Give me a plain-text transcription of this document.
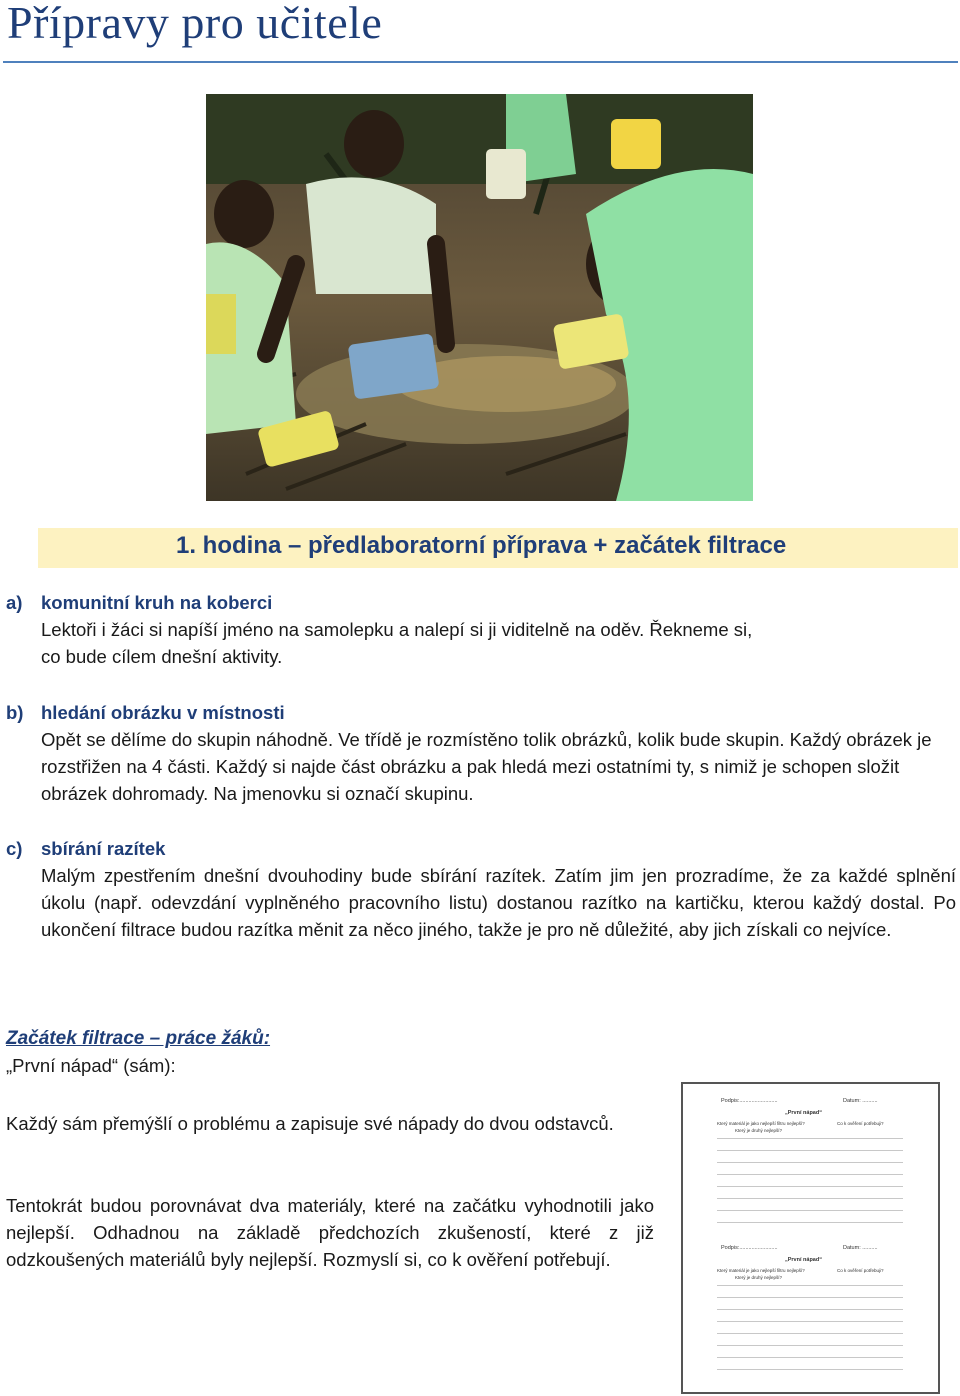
Přípravy pro učitele
1. hodina – předlaboratorní příprava + začátek filtrace
a)	komunitní kruh na koberci
Lektoři i žáci si napíší jméno na samolepku a nalepí si ji viditelně na oděv. Řekneme si, co bude cílem dnešní aktivity.
b) hledání obrázku v místnosti
Opět se dělíme do skupin náhodně. Ve třídě je rozmístěno tolik obrázků, kolik bude skupin. Každý obrázek je rozstřižen na 4 části. Každý si najde část obrázku a pak hledá mezi ostatními ty, s nimiž je schopen složit obrázek dohromady. Na jmenovku si označí skupinu.
c)	sbírání razítek
Malým zpestřením dnešní dvouhodiny bude sbírání razítek. Zatím jim jen prozradíme, že za každé splnění úkolu (např. odevzdání vyplněného pracovního listu) dostanou razítko na kartičku, kterou každý dostal. Po ukončení filtrace budou razítka měnit za něco jiného, takže je pro ně důležité, aby jich získali co nejvíce.
Začátek filtrace – práce žáků:
„První nápad“ (sám):
Každý sám přemýšlí o problému a zapisuje své nápady do dvou odstavců.
Tentokrát budou porovnávat dva materiály, které na začátku vyhodnotili jako nejlepší. Odhadnou na základě předchozích zkušeností, které z již odzkoušených materiálů byly nejlepší. Rozmyslí si, co k ověření potřebují.
Podpis:.........................	Datum: ..........
„První nápad“
Který materiál je jako nejlepší filtru nejlepší?
Který je druhý nejlepší?
Co k ověření potřebuji?
Podpis:.........................	Datum: ..........
„První nápad“
Který materiál je jako nejlepší filtru nejlepší?
Který je druhý nejlepší?
Co k ověření potřebuji?
